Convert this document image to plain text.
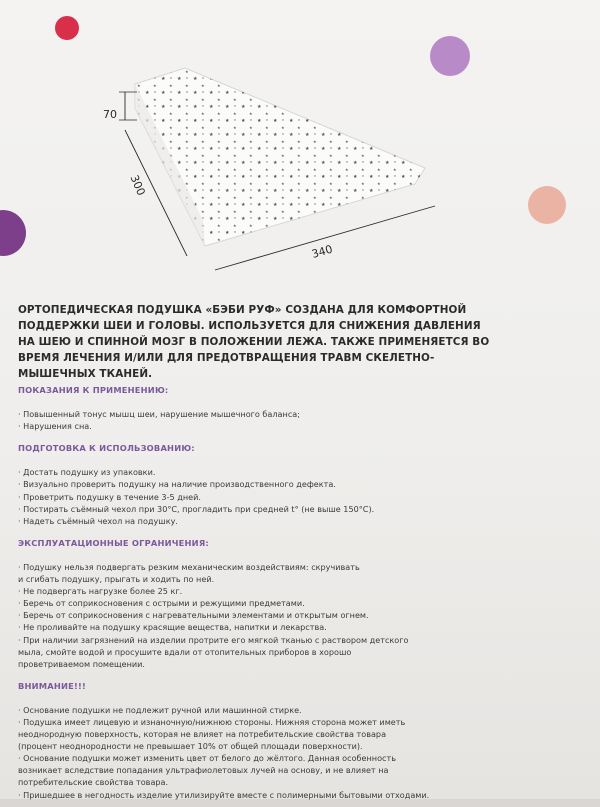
70
300
340
ОРТОПЕДИЧЕСКАЯ ПОДУШКА «БЭБИ РУФ» СОЗДАНА ДЛЯ КОМФОРТНОЙ ПОДДЕРЖКИ ШЕИ И ГОЛОВЫ. ИСПОЛЬЗУЕТСЯ ДЛЯ СНИЖЕНИЯ ДАВЛЕНИЯ НА ШЕЮ И СПИННОЙ МОЗГ В ПОЛОЖЕНИИ ЛЕЖА. ТАКЖЕ ПРИМЕНЯЕТСЯ ВО ВРЕМЯ ЛЕЧЕНИЯ И/ИЛИ ДЛЯ ПРЕДОТВРАЩЕНИЯ ТРАВМ СКЕЛЕТНО-МЫШЕЧНЫХ ТКАНЕЙ.
ПОКАЗАНИЯ К ПРИМЕНЕНИЮ:
· Повышенный тонус мышц шеи, нарушение мышечного баланса;
· Нарушения сна.
ПОДГОТОВКА К ИСПОЛЬЗОВАНИЮ:
· Достать подушку из упаковки.
· Визуально проверить подушку на наличие производственного дефекта.
· Проветрить подушку в течение 3-5 дней.
· Постирать съёмный чехол при 30°С, прогладить при средней t° (не выше 150°С).
· Надеть съёмный чехол на подушку.
ЭКСПЛУАТАЦИОННЫЕ ОГРАНИЧЕНИЯ:
· Подушку нельзя подвергать резким механическим воздействиям: скручивать
и сгибать подушку, прыгать и ходить по ней.
· Не подвергать нагрузке более 25 кг.
· Беречь от соприкосновения с острыми и режущими предметами.
· Беречь от соприкосновения с нагревательными элементами и открытым огнем.
· Не проливайте на подушку красящие вещества, напитки и лекарства.
· При наличии загрязнений на изделии протрите его мягкой тканью с раствором детского
мыла, смойте водой и просушите вдали от отопительных приборов в хорошо
проветриваемом помещении.
ВНИМАНИЕ!!!
· Основание подушки не подлежит ручной или машинной стирке.
· Подушка имеет лицевую и изнаночную/нижнюю стороны. Нижняя сторона может иметь
неоднородную поверхность, которая не влияет на потребительские свойства товара
(процент неоднородности не превышает 10% от общей площади поверхности).
· Основание подушки может изменить цвет от белого до жёлтого. Данная особенность
возникает вследствие попадания ультрафиолетовых лучей на основу, и не влияет на
потребительские свойства товара.
· Пришедшее в негодность изделие утилизируйте вместе с полимерными бытовыми отходами.
